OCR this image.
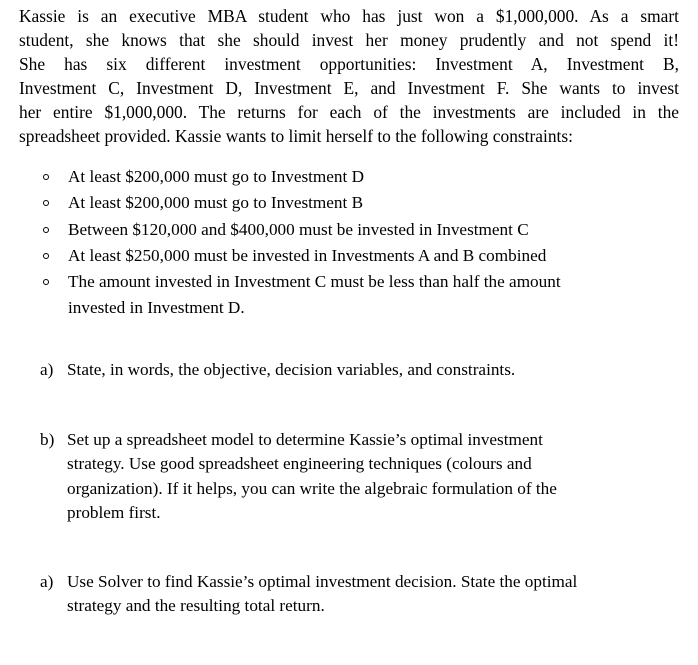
Kassie is an executive MBA student who has just won a $1,000,000. As a smart
student, she knows that she should invest her money prudently and not spend it!
She has six different investment opportunities: Investment A, Investment B,
Investment C, Investment D, Investment E, and Investment F. She wants to invest
her entire $1,000,000. The returns for each of the investments are included in the
spreadsheet provided. Kassie wants to limit herself to the following constraints:
At least $200,000 must go to Investment D
At least $200,000 must go to Investment B
Between $120,000 and $400,000 must be invested in Investment C
At least $250,000 must be invested in Investments A and B combined
The amount invested in Investment C must be less than half the amount
invested in Investment D.
a) State, in words, the objective, decision variables, and constraints.
b) Set up a spreadsheet model to determine Kassie’s optimal investment
strategy. Use good spreadsheet engineering techniques (colours and
organization). If it helps, you can write the algebraic formulation of the
problem first.
a) Use Solver to find Kassie’s optimal investment decision. State the optimal
strategy and the resulting total return.
